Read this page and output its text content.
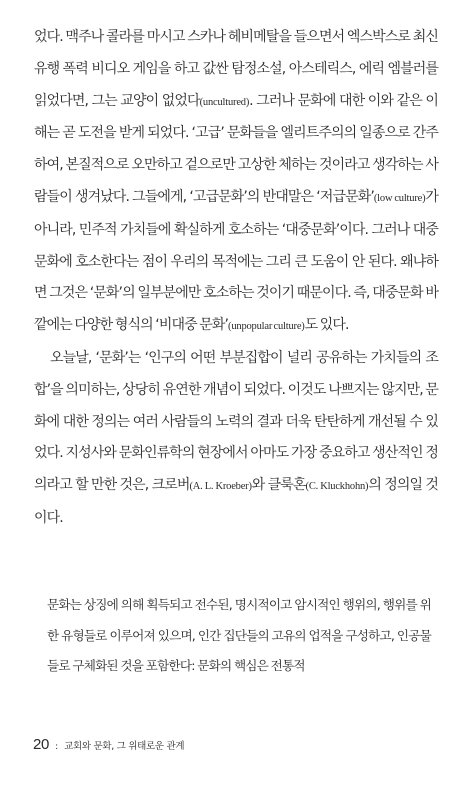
었다. 맥주나 콜라를 마시고 스카나 헤비메탈을 들으면서 엑스박스로 최신 유행 폭력 비디오 게임을 하고 값싼 탐정소설, 아스테릭스, 에릭 엠블러를 읽었다면, 그는 교양이 없었다(uncultured). 그러나 문화에 대한 이와 같은 이해는 곧 도전을 받게 되었다. ‘고급’ 문화들을 엘리트주의의 일종으로 간주하여, 본질적으로 오만하고 겉으로만 고상한 체하는 것이라고 생각하는 사람들이 생겨났다. 그들에게, ‘고급문화’의 반대말은 ‘저급문화’(low culture)가 아니라, 민주적 가치들에 확실하게 호소하는 ‘대중문화’이다. 그러나 대중문화에 호소한다는 점이 우리의 목적에는 그리 큰 도움이 안 된다. 왜냐하면 그것은 ‘문화’의 일부분에만 호소하는 것이기 때문이다. 즉, 대중문화 바깥에는 다양한 형식의 ‘비대중 문화’(unpopular culture)도 있다.

오늘날, ‘문화’는 ‘인구의 어떤 부분집합이 널리 공유하는 가치들의 조합’을 의미하는, 상당히 유연한 개념이 되었다. 이것도 나쁘지는 않지만, 문화에 대한 정의는 여러 사람들의 노력의 결과 더욱 탄탄하게 개선될 수 있었다. 지성사와 문화인류학의 현장에서 아마도 가장 중요하고 생산적인 정의라고 할 만한 것은, 크로버(A. L. Kroeber)와 클룩혼(C. Kluckhohn)의 정의일 것이다.

문화는 상징에 의해 획득되고 전수된, 명시적이고 암시적인 행위의, 행위를 위한 유형들로 이루어져 있으며, 인간 집단들의 고유의 업적을 구성하고, 인공물들로 구체화된 것을 포함한다: 문화의 핵심은 전통적

20 : 교회와 문화, 그 위태로운 관계
